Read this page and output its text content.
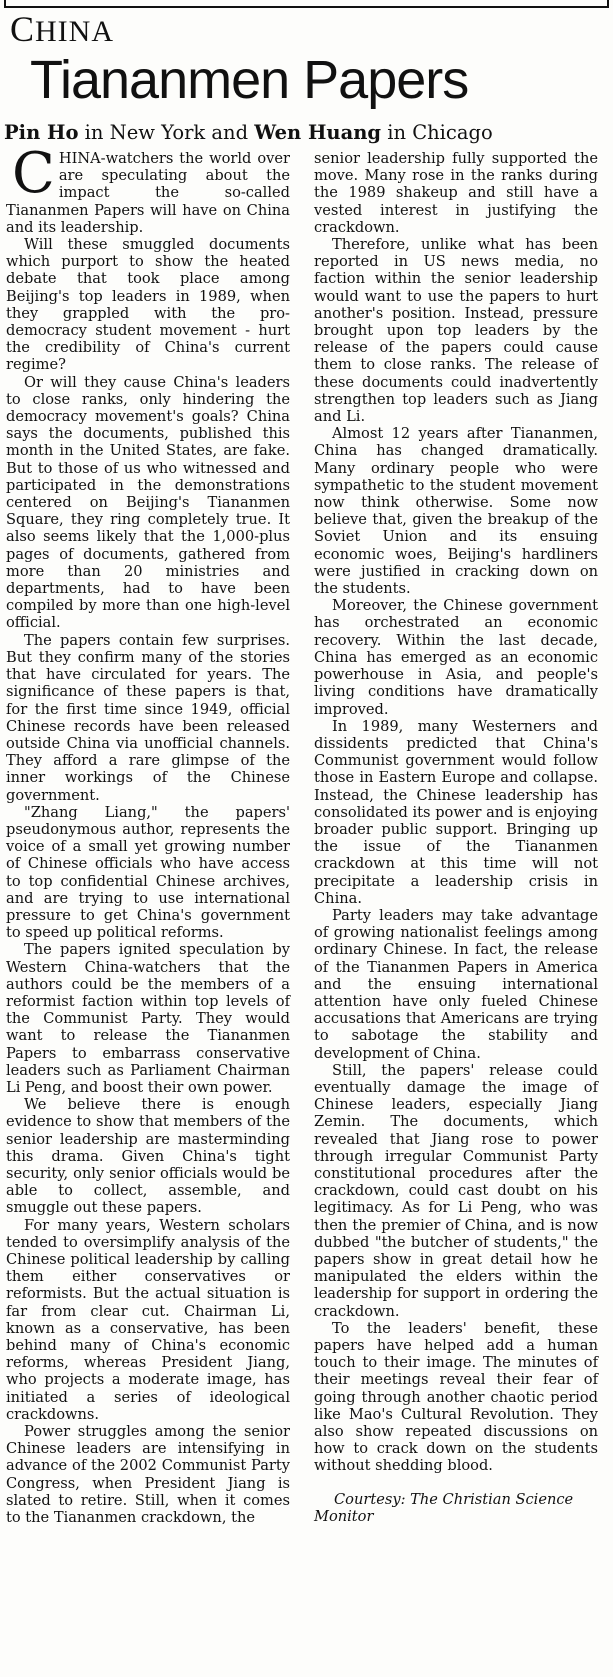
CHINA
Tiananmen Papers
Pin Ho in New York and Wen Huang in Chicago

CHINA-watchers the world over are speculating about the impact the so-called Tiananmen Papers will have on China and its leadership.

Will these smuggled documents which purport to show the heated debate that took place among Beijing's top leaders in 1989, when they grappled with the pro-democracy student movement - hurt the credibility of China's current regime?

Or will they cause China's leaders to close ranks, only hindering the democracy movement's goals? China says the documents, published this month in the United States, are fake. But to those of us who witnessed and participated in the demonstrations centered on Beijing's Tiananmen Square, they ring completely true. It also seems likely that the 1,000-plus pages of documents, gathered from more than 20 ministries and departments, had to have been compiled by more than one high-level official.

The papers contain few surprises. But they confirm many of the stories that have circulated for years. The significance of these papers is that, for the first time since 1949, official Chinese records have been released outside China via unofficial channels. They afford a rare glimpse of the inner workings of the Chinese government.

"Zhang Liang," the papers' pseudonymous author, represents the voice of a small yet growing number of Chinese officials who have access to top confidential Chinese archives, and are trying to use international pressure to get China's government to speed up political reforms.

The papers ignited speculation by Western China-watchers that the authors could be the members of a reformist faction within top levels of the Communist Party. They would want to release the Tiananmen Papers to embarrass conservative leaders such as Parliament Chairman Li Peng, and boost their own power.

We believe there is enough evidence to show that members of the senior leadership are masterminding this drama. Given China's tight security, only senior officials would be able to collect, assemble, and smuggle out these papers.

For many years, Western scholars tended to oversimplify analysis of the Chinese political leadership by calling them either conservatives or reformists. But the actual situation is far from clear cut. Chairman Li, known as a conservative, has been behind many of China's economic reforms, whereas President Jiang, who projects a moderate image, has initiated a series of ideological crackdowns.

Power struggles among the senior Chinese leaders are intensifying in advance of the 2002 Communist Party Congress, when President Jiang is slated to retire. Still, when it comes to the Tiananmen crackdown, the

senior leadership fully supported the move. Many rose in the ranks during the 1989 shakeup and still have a vested interest in justifying the crackdown.

Therefore, unlike what has been reported in US news media, no faction within the senior leadership would want to use the papers to hurt another's position. Instead, pressure brought upon top leaders by the release of the papers could cause them to close ranks. The release of these documents could inadvertently strengthen top leaders such as Jiang and Li.

Almost 12 years after Tiananmen, China has changed dramatically. Many ordinary people who were sympathetic to the student movement now think otherwise. Some now believe that, given the breakup of the Soviet Union and its ensuing economic woes, Beijing's hardliners were justified in cracking down on the students.

Moreover, the Chinese government has orchestrated an economic recovery. Within the last decade, China has emerged as an economic powerhouse in Asia, and people's living conditions have dramatically improved.

In 1989, many Westerners and dissidents predicted that China's Communist government would follow those in Eastern Europe and collapse. Instead, the Chinese leadership has consolidated its power and is enjoying broader public support. Bringing up the issue of the Tiananmen crackdown at this time will not precipitate a leadership crisis in China.

Party leaders may take advantage of growing nationalist feelings among ordinary Chinese. In fact, the release of the Tiananmen Papers in America and the ensuing international attention have only fueled Chinese accusations that Americans are trying to sabotage the stability and development of China.

Still, the papers' release could eventually damage the image of Chinese leaders, especially Jiang Zemin. The documents, which revealed that Jiang rose to power through irregular Communist Party constitutional procedures after the crackdown, could cast doubt on his legitimacy. As for Li Peng, who was then the premier of China, and is now dubbed "the butcher of students," the papers show in great detail how he manipulated the elders within the leadership for support in ordering the crackdown.

To the leaders' benefit, these papers have helped add a human touch to their image. The minutes of their meetings reveal their fear of going through another chaotic period like Mao's Cultural Revolution. They also show repeated discussions on how to crack down on the students without shedding blood.

Courtesy: The Christian Science Monitor
